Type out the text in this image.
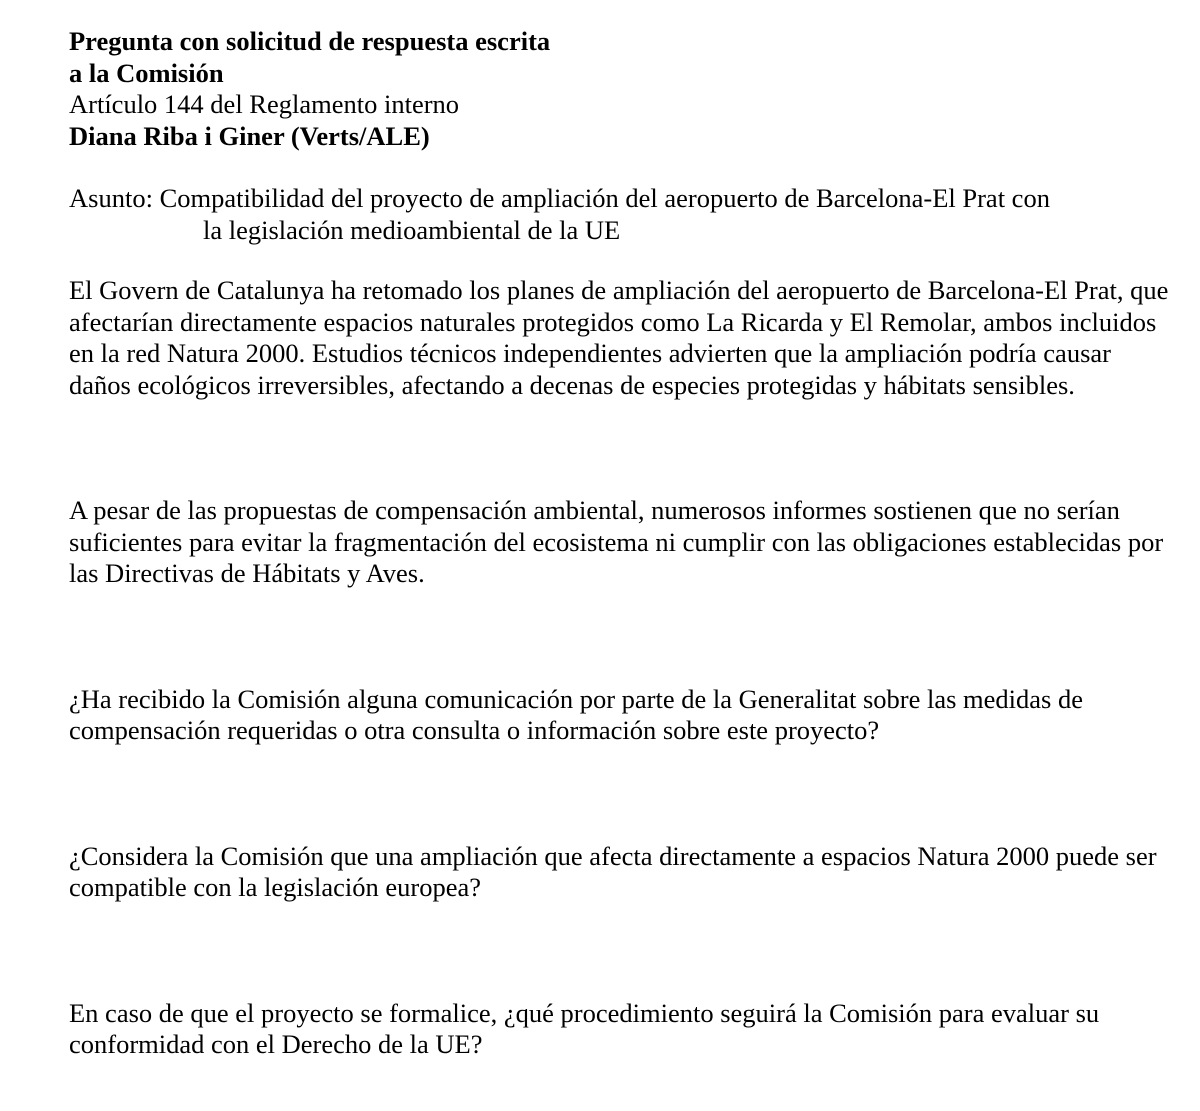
Pregunta con solicitud de respuesta escrita
a la Comisión
Artículo 144 del Reglamento interno
Diana Riba i Giner (Verts/ALE)
Asunto: Compatibilidad del proyecto de ampliación del aeropuerto de Barcelona-El Prat con
la legislación medioambiental de la UE

El Govern de Catalunya ha retomado los planes de ampliación del aeropuerto de Barcelona-El Prat, que afectarían directamente espacios naturales protegidos como La Ricarda y El Remolar, ambos incluidos en la red Natura 2000. Estudios técnicos independientes advierten que la ampliación podría causar daños ecológicos irreversibles, afectando a decenas de especies protegidas y hábitats sensibles.

A pesar de las propuestas de compensación ambiental, numerosos informes sostienen que no serían suficientes para evitar la fragmentación del ecosistema ni cumplir con las obligaciones establecidas por las Directivas de Hábitats y Aves.

¿Ha recibido la Comisión alguna comunicación por parte de la Generalitat sobre las medidas de compensación requeridas o otra consulta o información sobre este proyecto?

¿Considera la Comisión que una ampliación que afecta directamente a espacios Natura 2000 puede ser compatible con la legislación europea?

En caso de que el proyecto se formalice, ¿qué procedimiento seguirá la Comisión para evaluar su conformidad con el Derecho de la UE?
